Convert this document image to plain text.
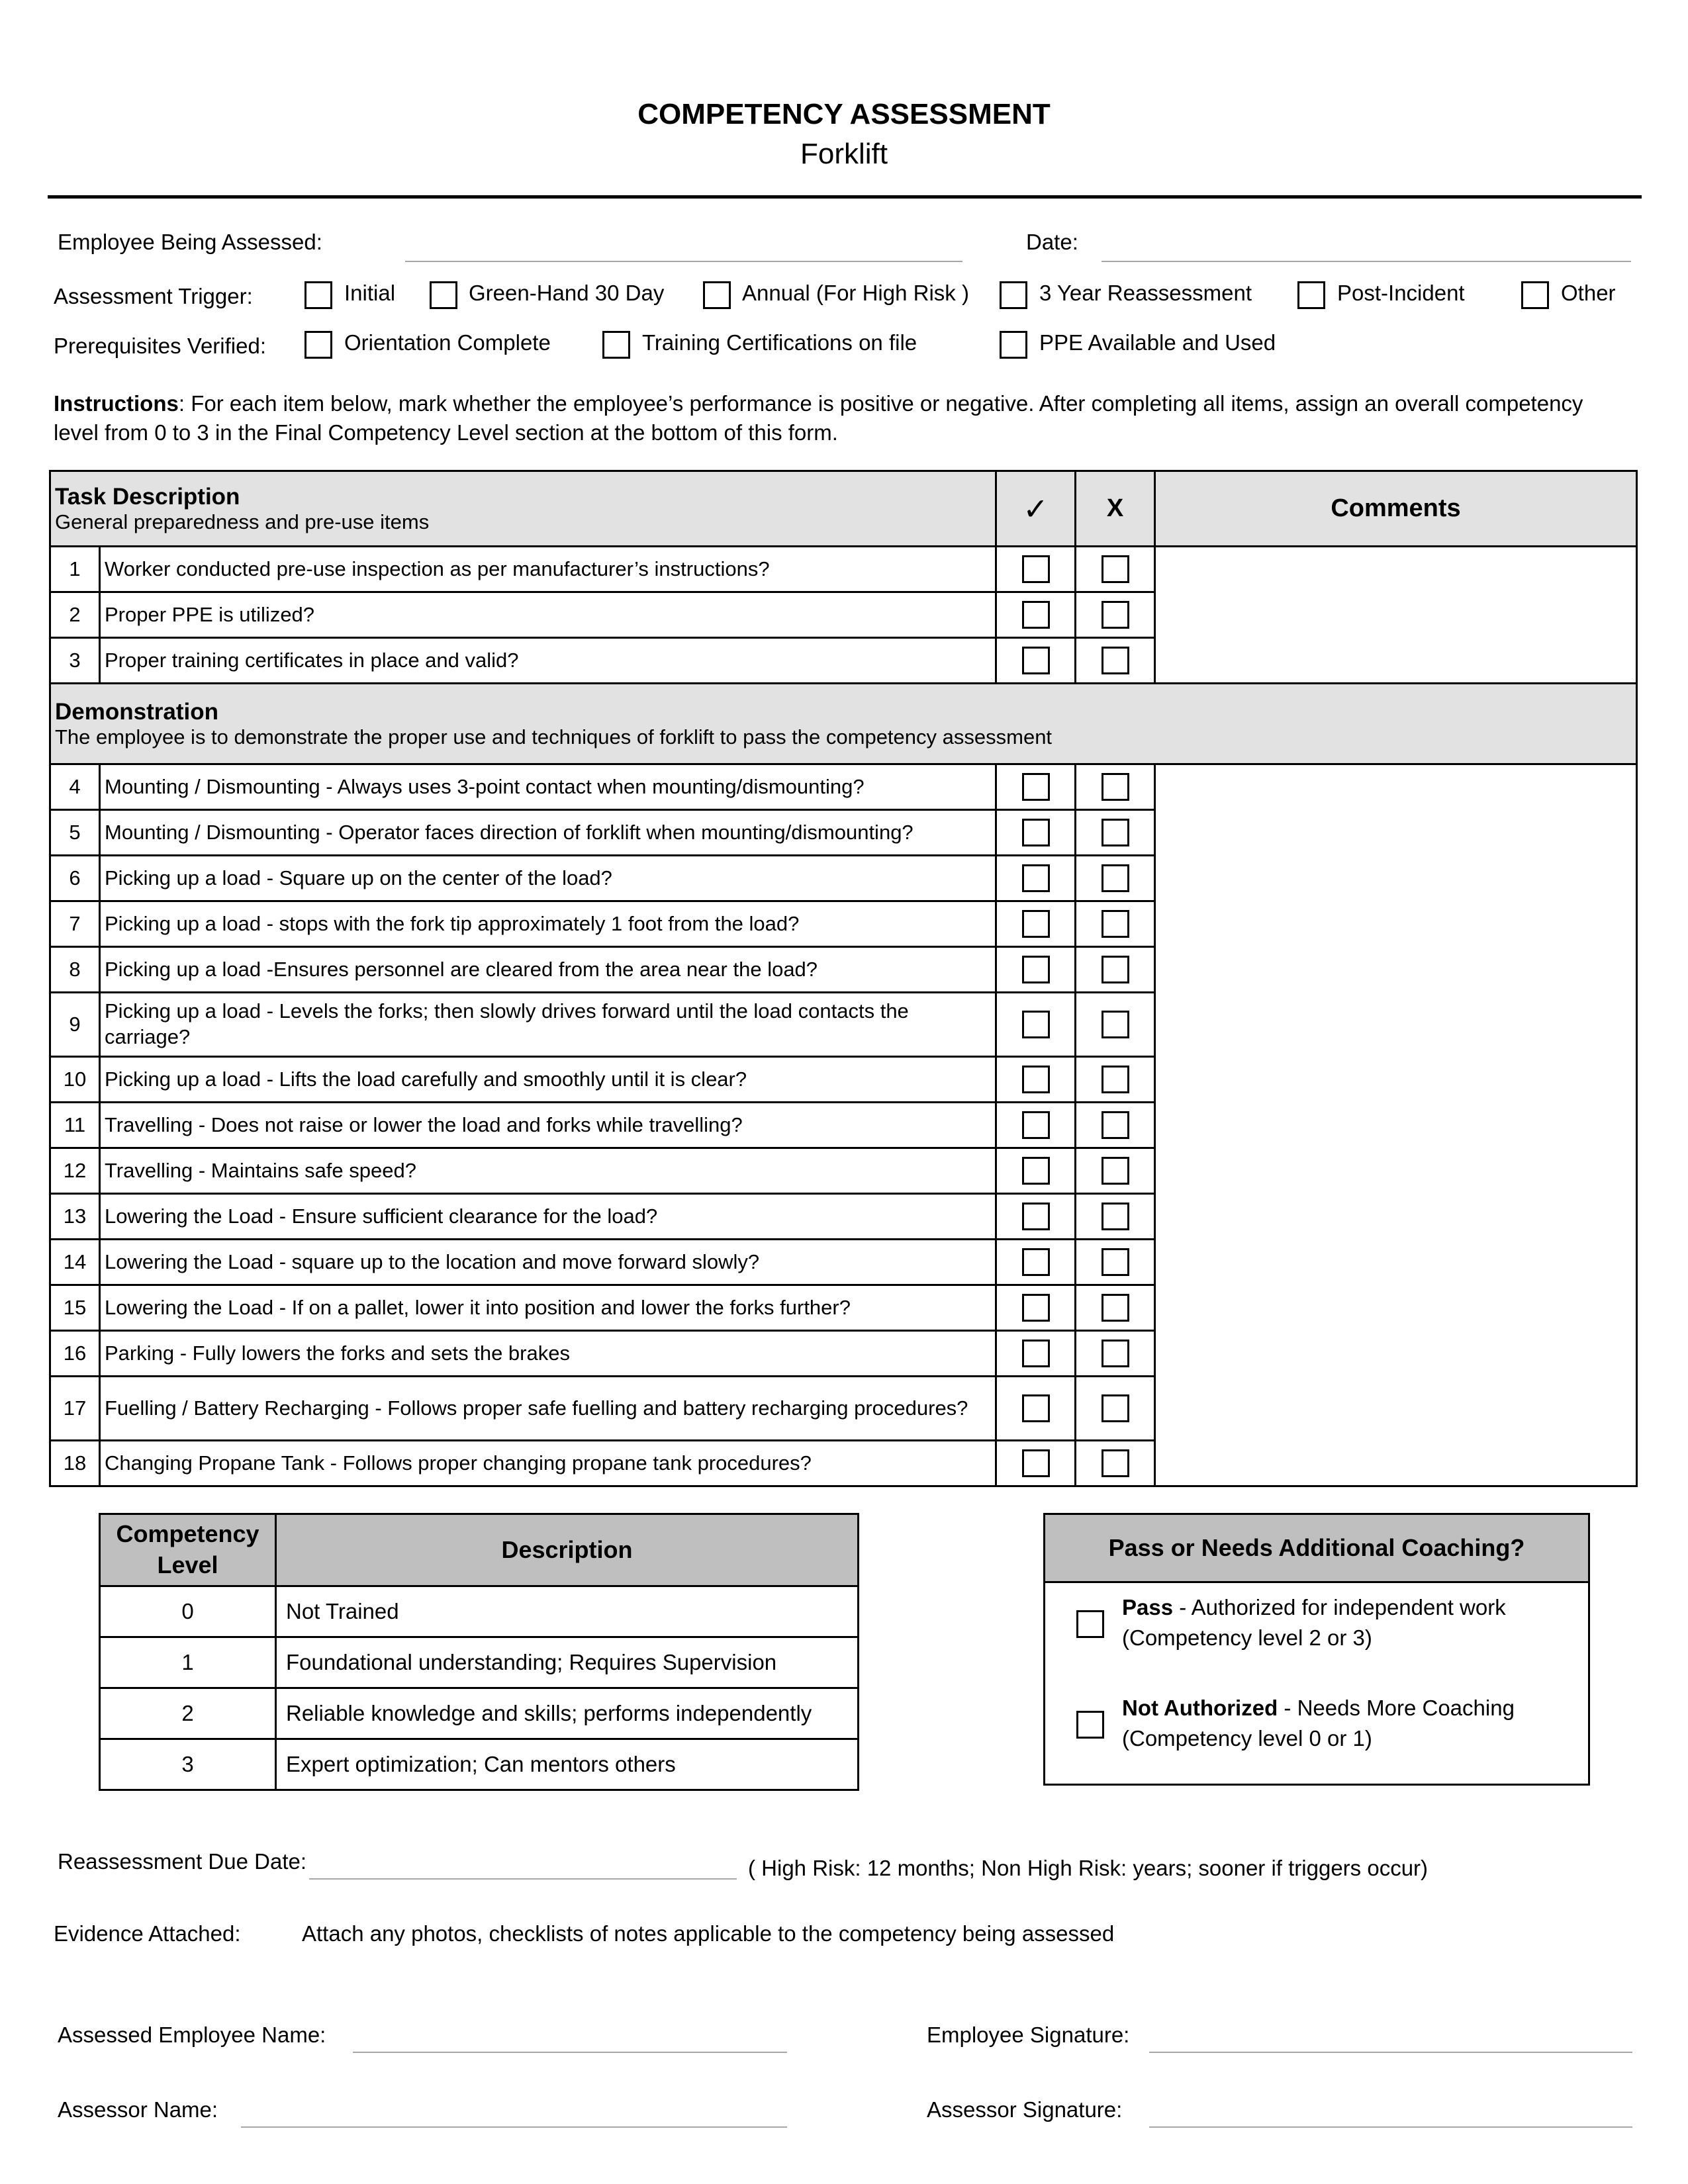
COMPETENCY ASSESSMENT
Forklift
Employee Being Assessed:	Date:
Assessment Trigger:	Initial	Green-Hand 30 Day	Annual (For High Risk )	3 Year Reassessment	Post-Incident	Other
Prerequisites Verified:	Orientation Complete	Training Certifications on file	PPE Available and Used
Instructions: For each item below, mark whether the employee’s performance is positive or negative. After completing all items, assign an overall competency level from 0 to 3 in the Final Competency Level section at the bottom of this form.
Task Description
General preparedness and pre-use items		✓	X	Comments
1	Worker conducted pre-use inspection as per manufacturer’s instructions?			
2	Proper PPE is utilized?			
3	Proper training certificates in place and valid?			

Demonstration
The employee is to demonstrate the proper use and techniques of forklift to pass the competency assessment				

4	Mounting / Dismounting - Always uses 3-point contact when mounting/dismounting?			
5	Mounting / Dismounting - Operator faces direction of forklift when mounting/dismounting?			
6	Picking up a load - Square up on the center of the load?			
7	Picking up a load - stops with the fork tip approximately 1 foot from the load?			
8	Picking up a load -Ensures personnel are cleared from the area near the load?			
9	Picking up a load - Levels the forks; then slowly drives forward until the load contacts the carriage?			
10	Picking up a load - Lifts the load carefully and smoothly until it is clear?			
11	Travelling - Does not raise or lower the load and forks while travelling?			
12	Travelling - Maintains safe speed?			
13	Lowering the Load - Ensure sufficient clearance for the load?			
14	Lowering the Load - square up to the location and move forward slowly?			
15	Lowering the Load - If on a pallet, lower it into position and lower the forks further?			
16	Parking - Fully lowers the forks and sets the brakes			
17	Fuelling / Battery Recharging - Follows proper safe fuelling and battery recharging procedures?			
18	Changing Propane Tank - Follows proper changing propane tank procedures?			
Competency Level	Description
0	Not Trained
1	Foundational understanding; Requires Supervision
2	Reliable knowledge and skills; performs independently
3	Expert optimization; Can mentors others
Pass or Needs Additional Coaching?
Pass - Authorized for independent work
(Competency level 2 or 3)
Not Authorized - Needs More Coaching
(Competency level 0 or 1)
Reassessment Due Date:	( High Risk: 12 months; Non High Risk: years; sooner if triggers occur)
Evidence Attached:	Attach any photos, checklists of notes applicable to the competency being assessed
Assessed Employee Name:	Employee Signature:
Assessor Name:	Assessor Signature:
